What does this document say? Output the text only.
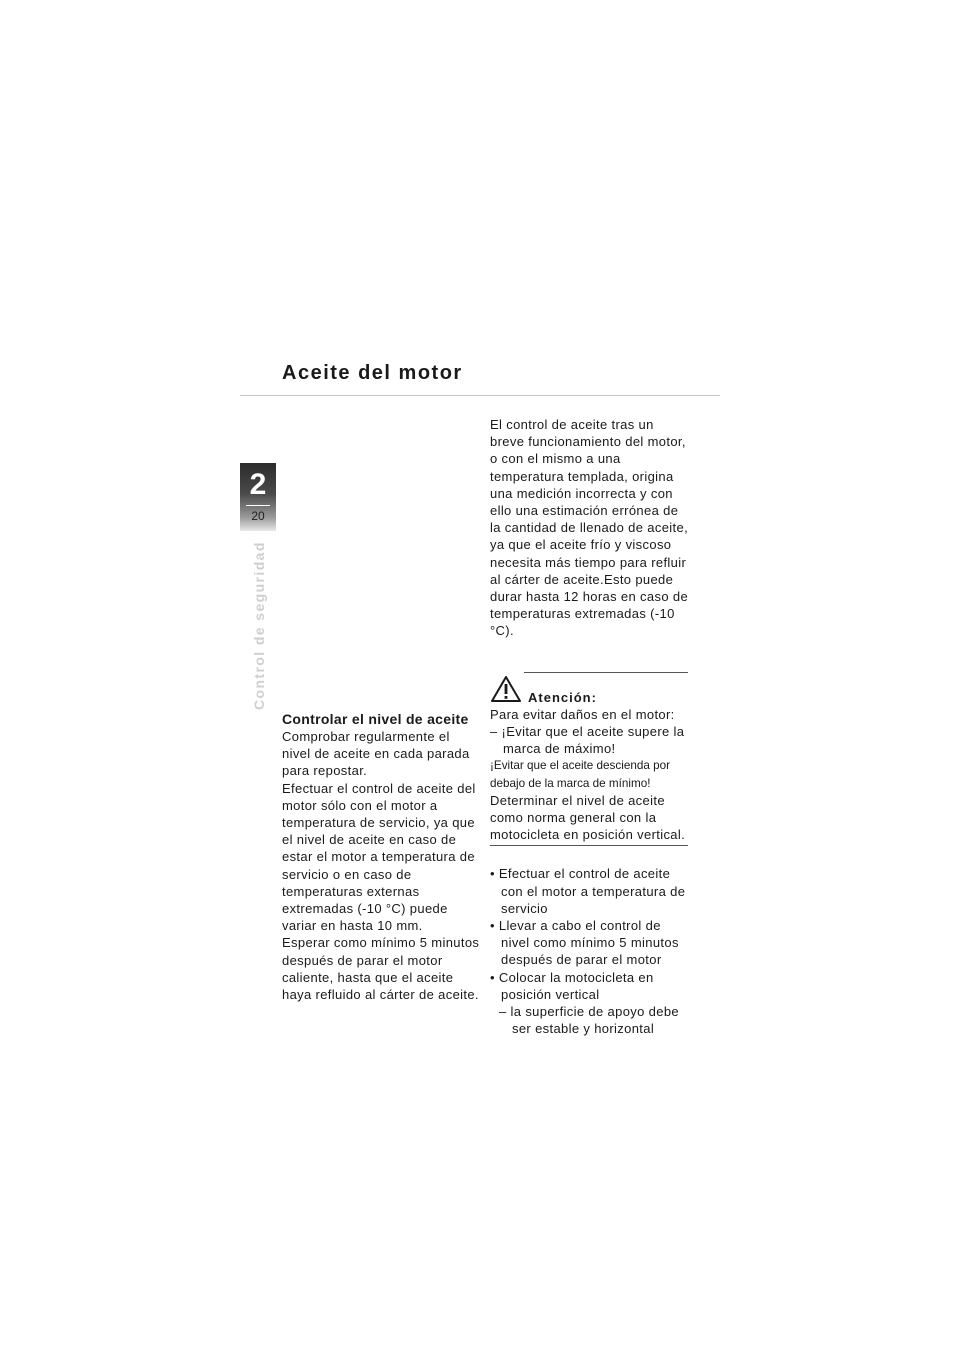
Aceite del motor
2
20
Control de seguridad
Controlar el nivel de aceite

Comprobar regularmente el nivel de aceite en cada parada para repostar.

Efectuar el control de aceite del motor sólo con el motor a temperatura de servicio, ya que el nivel de aceite en caso de estar el motor a temperatura de servicio o en caso de temperaturas externas extremadas (-10 °C) puede variar en hasta 10 mm.

Esperar como mínimo 5 minutos después de parar el motor caliente, hasta que el aceite haya refluido al cárter de aceite.

El control de aceite tras un breve funcionamiento del motor, o con el mismo a una temperatura templada, origina una medición incorrecta y con ello una estimación errónea de la cantidad de llenado de aceite, ya que el aceite frío y viscoso necesita más tiempo para refluir al cárter de aceite.Esto puede durar hasta 12 horas en caso de temperaturas extremadas (-10 °C).

Atención:

Para evitar daños en el motor:

– ¡Evitar que el aceite supere la marca de máximo!

¡Evitar que el aceite descienda por debajo de la marca de mínimo!

Determinar el nivel de aceite como norma general con la motocicleta en posición vertical.

• Efectuar el control de aceite con el motor a temperatura de servicio

• Llevar a cabo el control de nivel como mínimo 5 minutos después de parar el motor

• Colocar la motocicleta en posición vertical

– la superficie de apoyo debe ser estable y horizontal
